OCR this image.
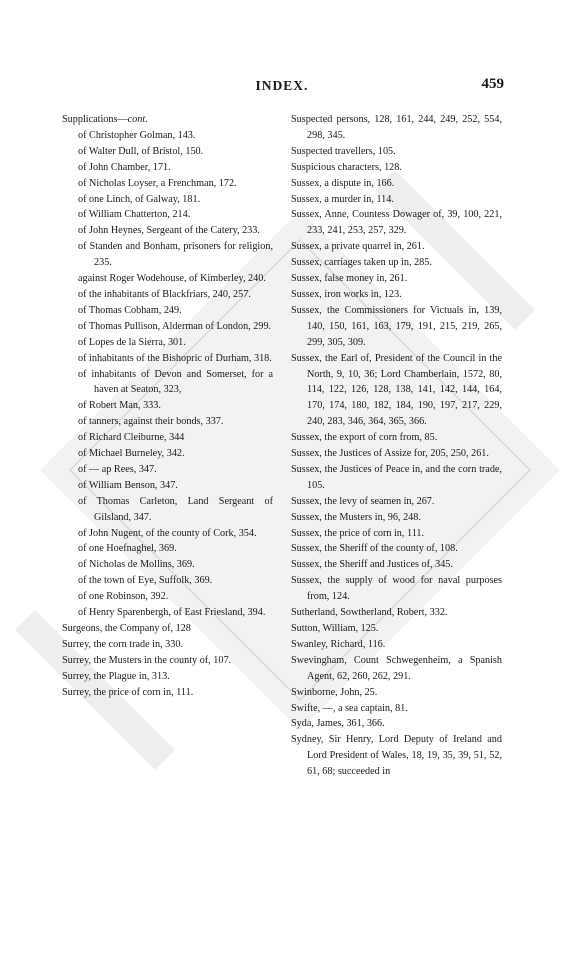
INDEX.	459

Supplications—cont.

of Christopher Golman, 143.

of Walter Dull, of Bristol, 150.

of John Chamber, 171.

of Nicholas Loyser, a Frenchman, 172.

of one Linch, of Galway, 181.

of William Chatterton, 214.

of John Heynes, Sergeant of the Catery, 233.

of Standen and Bonham, prisoners for religion, 235.

against Roger Wodehouse, of Kimberley, 240.

of the inhabitants of Blackfriars, 240, 257.

of Thomas Cobham, 249.

of Thomas Pullison, Alderman of London, 299.

of Lopes de la Sierra, 301.

of inhabitants of the Bishopric of Durham, 318.

of inhabitants of Devon and Somerset, for a haven at Seaton, 323,

of Robert Man, 333.

of tanners, against their bonds, 337.

of Richard Cleiburne, 344

of Michael Burneley, 342.

of — ap Rees, 347.

of William Benson, 347.

of Thomas Carleton, Land Sergeant of Gilsland, 347.

of John Nugent, of the county of Cork, 354.

of one Hoefnaghel, 369.

of Nicholas de Mollins, 369.

of the town of Eye, Suffolk, 369.

of one Robinson, 392.

of Henry Sparenbergh, of East Friesland, 394.

Surgeons, the Company of, 128

Surrey, the corn trade in, 330.

Surrey, the Musters in the county of, 107.

Surrey, the Plague in, 313.

Surrey, the price of corn in, 111.

Suspected persons, 128, 161, 244, 249, 252, 554, 298, 345.

Suspected travellers, 105.

Suspicious characters, 128.

Sussex, a dispute in, 166.

Sussex, a murder in, 114.

Sussex, Anne, Countess Dowager of, 39, 100, 221, 233, 241, 253, 257, 329.

Sussex, a private quarrel in, 261.

Sussex, carriages taken up in, 285.

Sussex, false money in, 261.

Sussex, iron works in, 123.

Sussex, the Commissioners for Victuals in, 139, 140, 150, 161, 163, 179, 191, 215, 219, 265, 299, 305, 309.

Sussex, the Earl of, President of the Council in the North, 9, 10, 36; Lord Chamberlain, 1572, 80, 114, 122, 126, 128, 138, 141, 142, 144, 164, 170, 174, 180, 182, 184, 190, 197, 217, 229, 240, 283, 346, 364, 365, 366.

Sussex, the export of corn from, 85.

Sussex, the Justices of Assize for, 205, 250, 261.

Sussex, the Justices of Peace in, and the corn trade, 105.

Sussex, the levy of seamen in, 267.

Sussex, the Musters in, 96, 248.

Sussex, the price of corn in, 111.

Sussex, the Sheriff of the county of, 108.

Sussex, the Sheriff and Justices of, 345.

Sussex, the supply of wood for naval purposes from, 124.

Sutherland, Sowtherland, Robert, 332.

Sutton, William, 125.

Swanley, Richard, 116.

Swevingham, Count Schwegenheim, a Spanish Agent, 62, 260, 262, 291.

Swinborne, John, 25.

Swifte, —, a sea captain, 81.

Syda, James, 361, 366.

Sydney, Sir Henry, Lord Deputy of Ireland and Lord President of Wales, 18, 19, 35, 39, 51, 52, 61, 68; succeeded in
